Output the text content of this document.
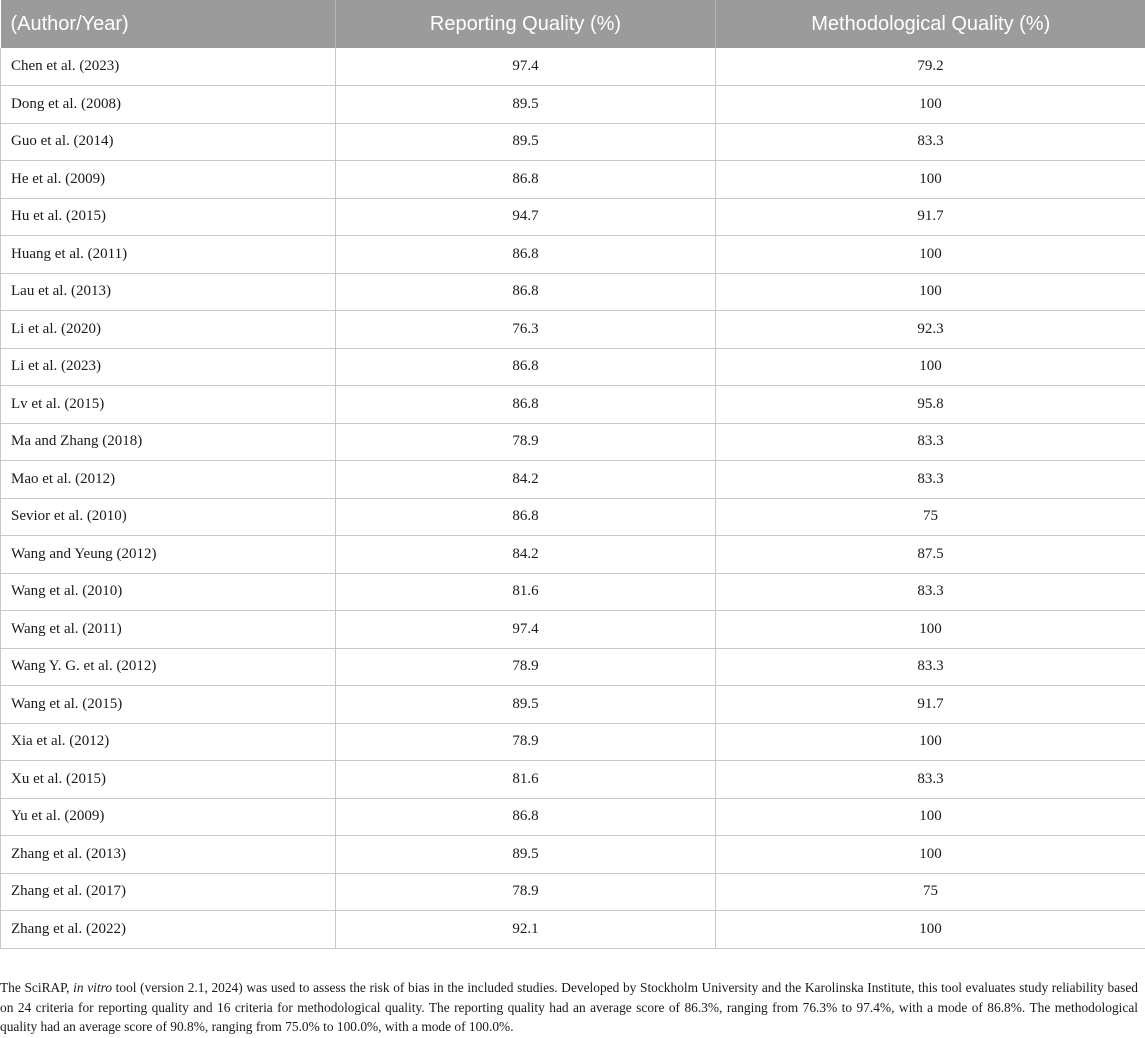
(Author/Year)	Reporting Quality (%)	Methodological Quality (%)
Chen et al. (2023)	97.4	79.2
Dong et al. (2008)	89.5	100
Guo et al. (2014)	89.5	83.3
He et al. (2009)	86.8	100
Hu et al. (2015)	94.7	91.7
Huang et al. (2011)	86.8	100
Lau et al. (2013)	86.8	100
Li et al. (2020)	76.3	92.3
Li et al. (2023)	86.8	100
Lv et al. (2015)	86.8	95.8
Ma and Zhang (2018)	78.9	83.3
Mao et al. (2012)	84.2	83.3
Sevior et al. (2010)	86.8	75
Wang and Yeung (2012)	84.2	87.5
Wang et al. (2010)	81.6	83.3
Wang et al. (2011)	97.4	100
Wang Y. G. et al. (2012)	78.9	83.3
Wang et al. (2015)	89.5	91.7
Xia et al. (2012)	78.9	100
Xu et al. (2015)	81.6	83.3
Yu et al. (2009)	86.8	100
Zhang et al. (2013)	89.5	100
Zhang et al. (2017)	78.9	75
Zhang et al. (2022)	92.1	100

The SciRAP, in vitro tool (version 2.1, 2024) was used to assess the risk of bias in the included studies. Developed by Stockholm University and the Karolinska Institute, this tool evaluates study reliability based on 24 criteria for reporting quality and 16 criteria for methodological quality. The reporting quality had an average score of 86.3%, ranging from 76.3% to 97.4%, with a mode of 86.8%. The methodological quality had an average score of 90.8%, ranging from 75.0% to 100.0%, with a mode of 100.0%.
